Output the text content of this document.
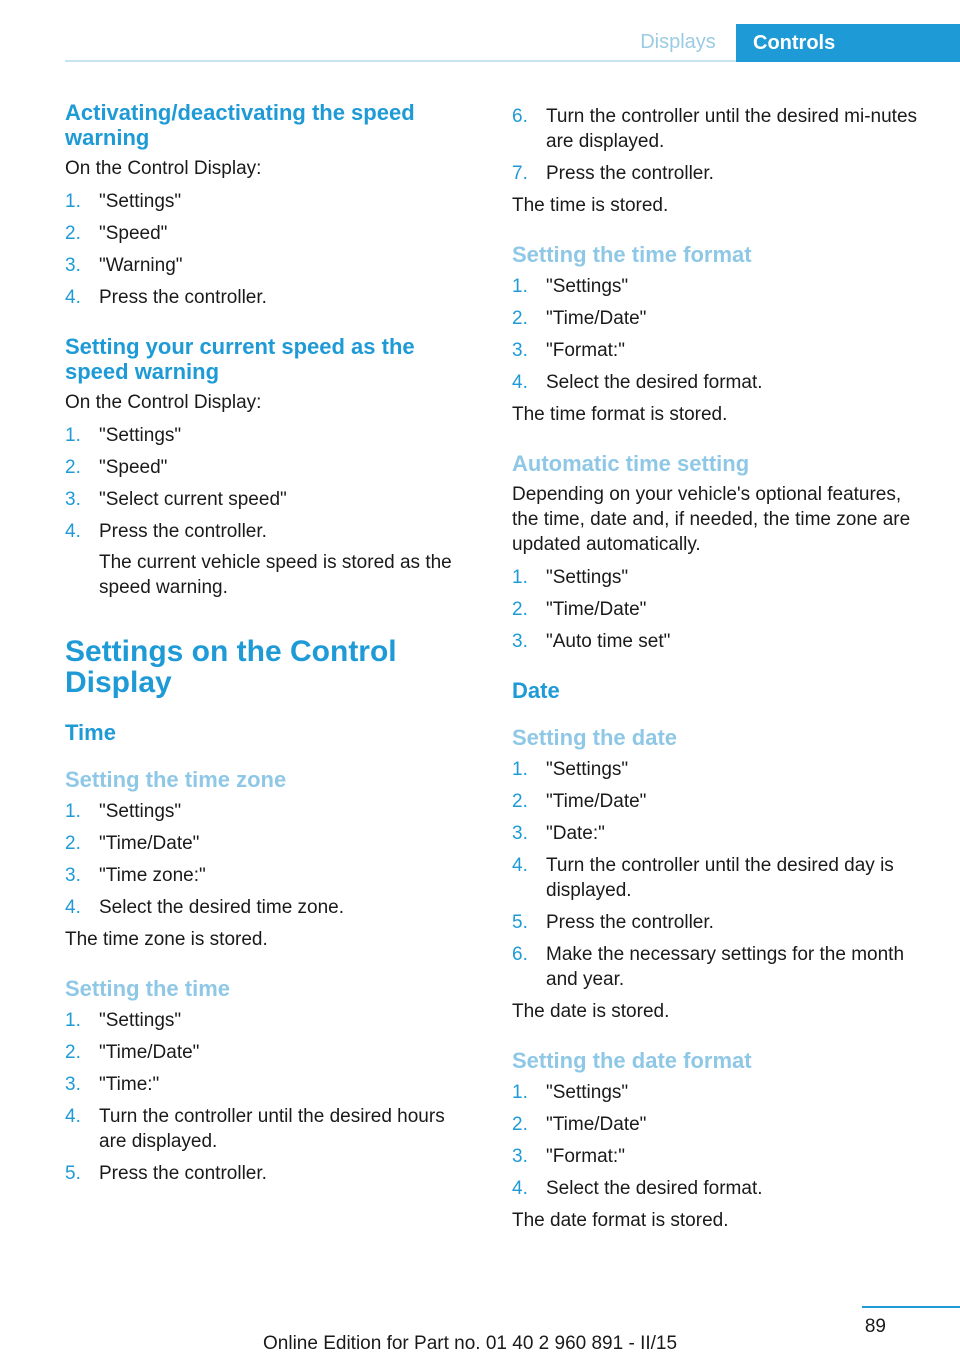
Displays	Controls
Activating/deactivating the speed warning

On the Control Display:

1. "Settings"
2. "Speed"
3. "Warning"
4. Press the controller.
Setting your current speed as the speed warning

On the Control Display:

1. "Settings"
2. "Speed"
3. "Select current speed"
4. Press the controller.
The current vehicle speed is stored as the speed warning.
Settings on the Control Display
Time
Setting the time zone
1. "Settings"
2. "Time/Date"
3. "Time zone:"
4. Select the desired time zone.

The time zone is stored.

Setting the time
1. "Settings"
2. "Time/Date"
3. "Time:"
4. Turn the controller until the desired hours are displayed.
5. Press the controller.
6. Turn the controller until the desired mi‐nutes are displayed.
7. Press the controller.

The time is stored.

Setting the time format
1. "Settings"
2. "Time/Date"
3. "Format:"
4. Select the desired format.

The time format is stored.

Automatic time setting

Depending on your vehicle's optional features, the time, date and, if needed, the time zone are updated automatically.

1. "Settings"
2. "Time/Date"
3. "Auto time set"
Date
Setting the date
1. "Settings"
2. "Time/Date"
3. "Date:"
4. Turn the controller until the desired day is displayed.
5. Press the controller.
6. Make the necessary settings for the month and year.

The date is stored.

Setting the date format
1. "Settings"
2. "Time/Date"
3. "Format:"
4. Select the desired format.

The date format is stored.

89
Online Edition for Part no. 01 40 2 960 891 - II/15
